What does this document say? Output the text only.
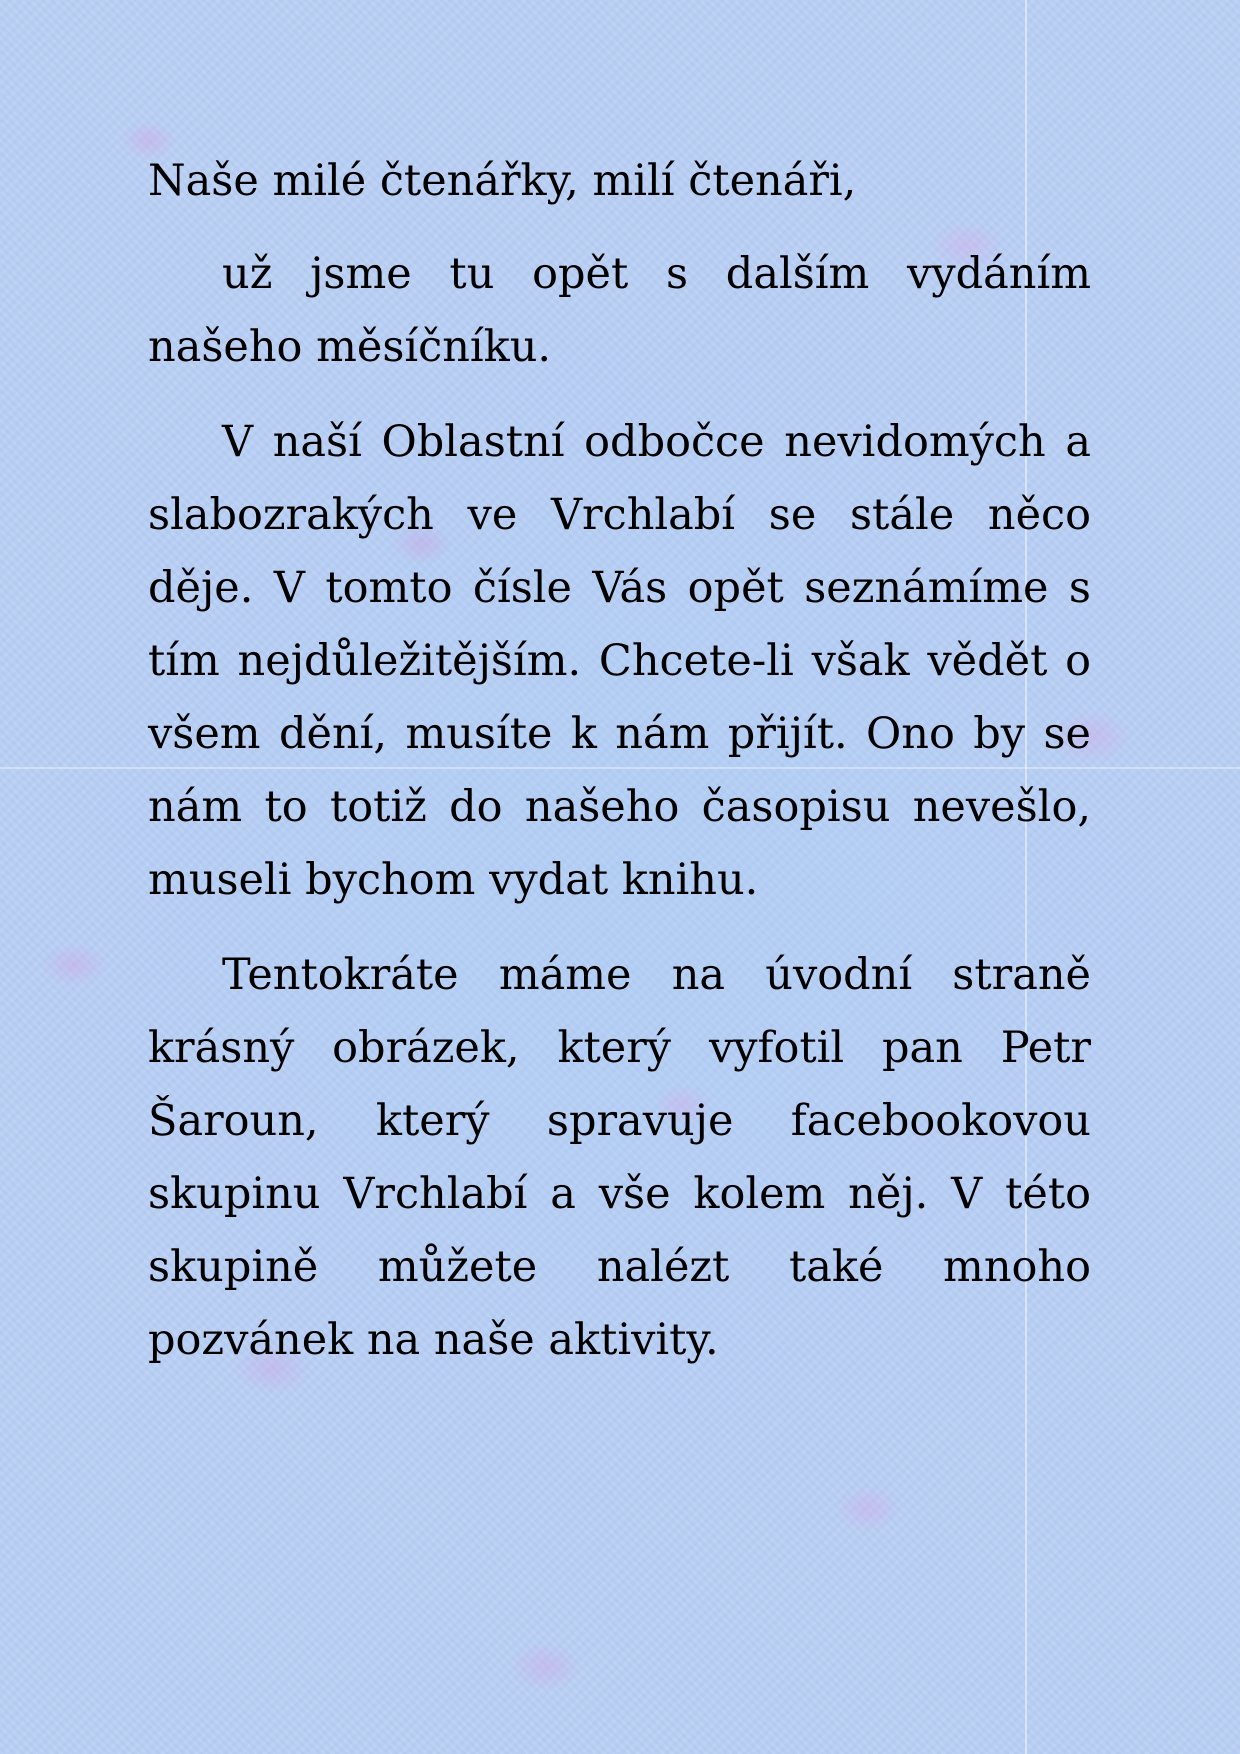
Naše milé čtenářky, milí čtenáři,

už jsme tu opět s dalším vydáním našeho měsíčníku.

V naší Oblastní odbočce nevidomých a slabozrakých ve Vrchlabí se stále něco děje. V tomto čísle Vás opět seznámíme s tím nejdůležitějším. Chcete-li však vědět o všem dění, musíte k nám přijít. Ono by se nám to totiž do našeho časopisu nevešlo, museli bychom vydat knihu.

Tentokráte máme na úvodní straně krásný obrázek, který vyfotil pan Petr Šaroun, který spravuje facebookovou skupinu Vrchlabí a vše kolem něj. V této skupině můžete nalézt také mnoho pozvánek na naše aktivity.
